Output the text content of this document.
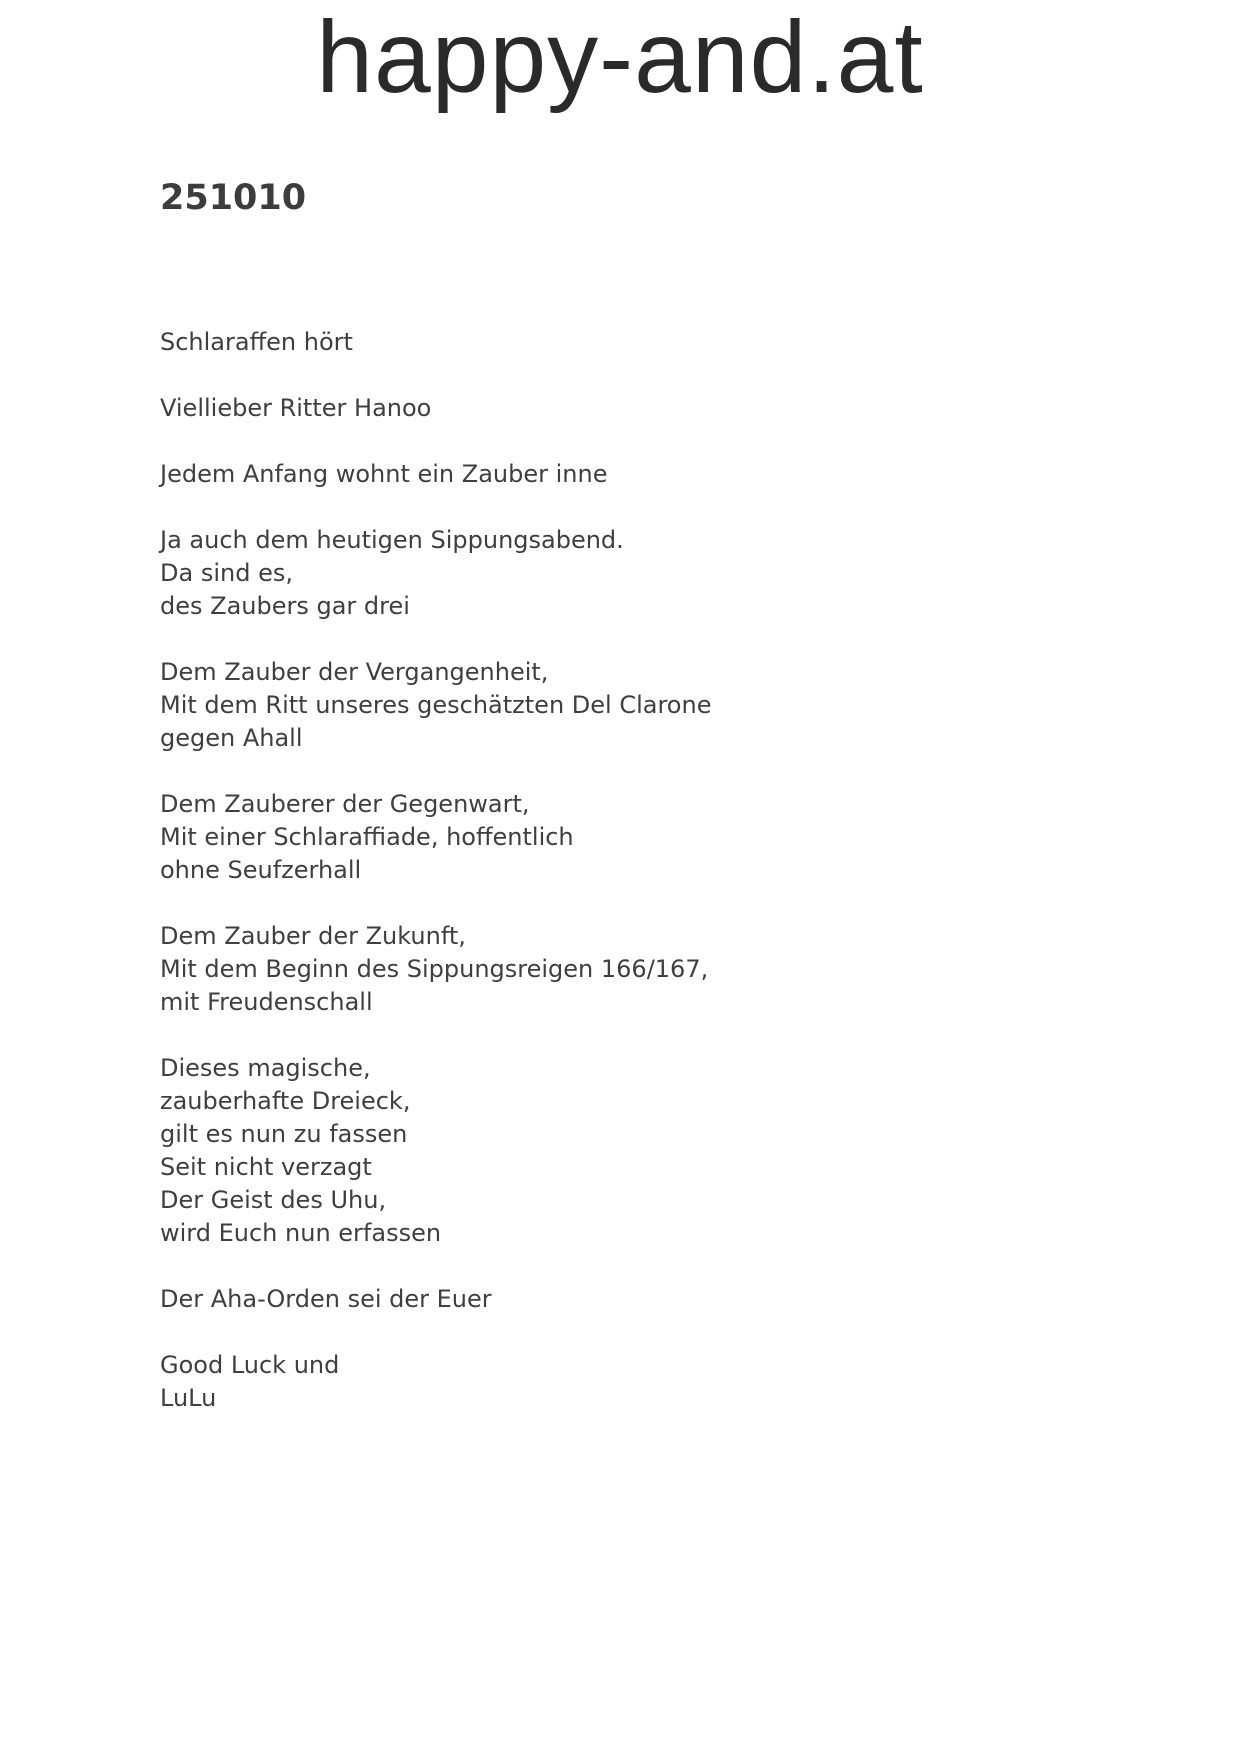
happy-and.at
251010

Schlaraffen hört

Viellieber Ritter Hanoo

Jedem Anfang wohnt ein Zauber inne

Ja auch dem heutigen Sippungsabend.
Da sind es,
des Zaubers gar drei

Dem Zauber der Vergangenheit,
Mit dem Ritt unseres geschätzten Del Clarone
gegen Ahall

Dem Zauberer der Gegenwart,
Mit einer Schlaraffiade, hoffentlich
ohne Seufzerhall

Dem Zauber der Zukunft,
Mit dem Beginn des Sippungsreigen 166/167,
mit Freudenschall

Dieses magische,
zauberhafte Dreieck,
gilt es nun zu fassen
Seit nicht verzagt
Der Geist des Uhu,
wird Euch nun erfassen

Der Aha-Orden sei der Euer

Good Luck und
LuLu
